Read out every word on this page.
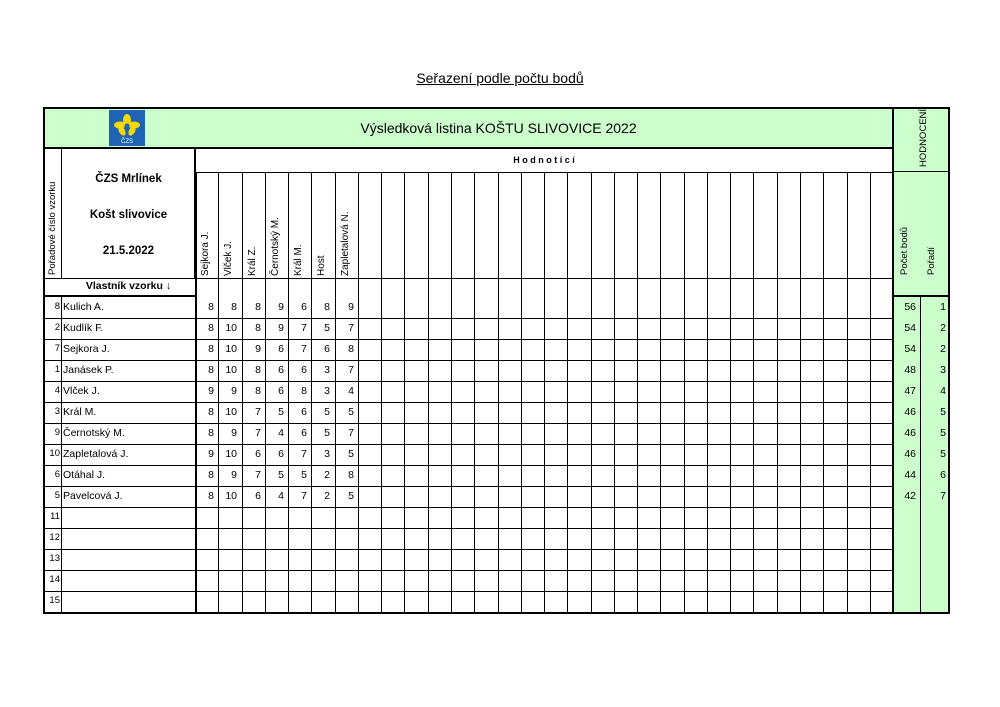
Seřazení podle počtu bodů
Výsledková listina KOŠTU SLIVOVICE 2022
ČZS	HODNOCENÍ
Pořadové číslo vzorku
ČZS Mrlínek
Košt slivovice
21.5.2022
H o d n o t í c í
Vlastník vzorku ↓
Počet bodů Pořadí
Sejkora J. Vlček J. Král Z. Černotský M. Král M. Host Zapletalová N.
8 Kulich A.	8	8	8	9	6	8	9	56	1
2 Kudlík F.	8	10	8	9	7	5	7	54	2
7 Sejkora J.	8	10	9	6	7	6	8	54	2
1 Janásek P.	8	10	8	6	6	3	7	48	3
4 Vlček J.	9	9	8	6	8	3	4	47	4
3 Král M.	8	10	7	5	6	5	5	46	5
9 Černotský M.	8	9	7	4	6	5	7	46	5
10 Zapletalová J.	9	10	6	6	7	3	5	46	5
6 Otáhal J.	8	9	7	5	5	2	8	44	6
5 Pavelcová J.	8	10	6	4	7	2	5	42	7
11
12
13
14
15
